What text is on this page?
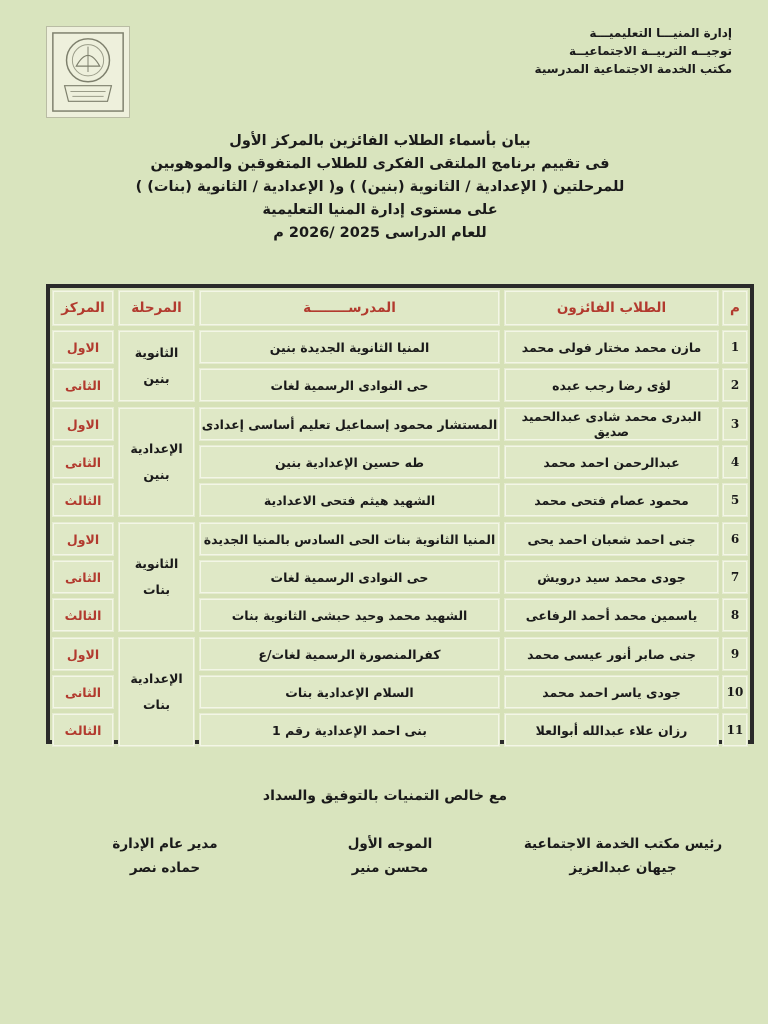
إدارة المنيـــا التعليميـــة
توجيــه التربيــة الاجتماعيــة
مكتب الخدمة الاجتماعية المدرسية
بيان بأسماء الطلاب الفائزين بالمركز الأول
فى تقييم برنامج الملتقى الفكرى للطلاب المتفوقين والموهوبين
للمرحلتين ( الإعدادية / الثانوية (بنين) ) و( الإعدادية / الثانوية (بنات) )
على مستوى إدارة المنيا التعليمية
للعام الدراسى 2025 /2026 م
م
الطلاب الفائزون
المدرســــــــة
المرحلة
المركز
1
مازن محمد مختار فولى محمد
المنيا الثانوية الجديدة بنين
الاول
2
لؤى رضا رجب عبده
حى النوادى الرسمية لغات
الثانى
3
البدرى محمد شادى عبدالحميد صديق
المستشار محمود إسماعيل تعليم أساسى إعدادى
الاول
4
عبدالرحمن احمد محمد
طه حسين الإعدادية بنين
الثانى
5
محمود عصام فتحى محمد
الشهيد هيثم فتحى الاعدادية
الثالث
6
جنى احمد شعبان احمد يحى
المنيا الثانوية بنات الحى السادس بالمنيا الجديدة
الاول
7
جودى محمد سيد درويش
حى النوادى الرسمية لغات
الثانى
8
ياسمين محمد أحمد الرفاعى
الشهيد محمد وحيد حبشى الثانوية بنات
الثالث
9
جنى صابر أنور عيسى محمد
كفرالمنصورة الرسمية لغات/ع
الاول
10
جودى ياسر احمد محمد
السلام الإعدادية بنات
الثانى
11
رزان علاء عبدالله أبوالعلا
بنى احمد الإعدادية رقم 1
الثالث
الثانوية
بنين
الإعدادية
بنين
الثانوية
بنات
الإعدادية
بنات
مع خالص التمنيات بالتوفيق والسداد
رئيس مكتب الخدمة الاجتماعية
جيهان عبدالعزيز
الموجه الأول
محسن منير
مدير عام الإدارة
حماده نصر
